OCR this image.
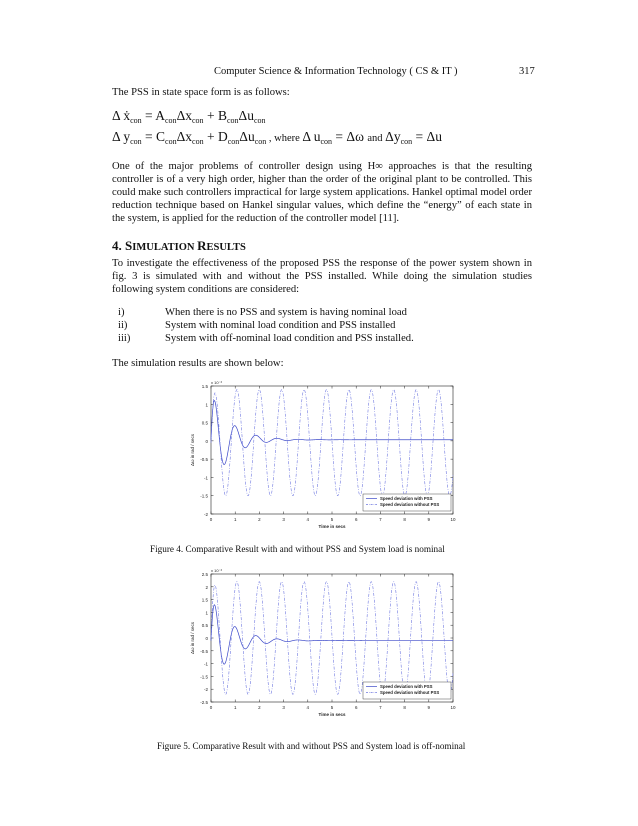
Computer Science & Information Technology ( CS & IT )	317
The PSS in state space form is as follows:
Δ ẋ$_{con}$ = $A_{con}\Delta x_{con} + B_{con}\Delta u_{con}$
Δ $y_{con} = C_{con}\Delta x_{con} + D_{con}\Delta u_{con}$ , where Δ $u_{con} = \Delta\omega$ and $\Delta y_{con} = \Delta u$
One of the major problems of controller design using H∞ approaches is that the resulting controller is of a very high order, higher than the order of the original plant to be controlled. This could make such controllers impractical for large system applications. Hankel optimal model order reduction technique based on Hankel singular values, which define the “energy” of each state in the system, is applied for the reduction of the controller model [11].
4. SIMULATION RESULTS
To investigate the effectiveness of the proposed PSS the response of the power system shown in fig. 3 is simulated with and without the PSS installed. While doing the simulation studies following system conditions are considered:
i)	When there is no PSS and system is having nominal load
ii)	System with nominal load condition and PSS installed
iii)	System with off-nominal load condition and PSS installed.
The simulation results are shown below:
1.5
1
0.5
0
-0.5
-1
-1.5
-2
0	1	2	3	4	5	6	7	8	9	10
x 10⁻³
Time in secs
Δω in rad / secs
Speed deviation with PSS
Speed deviation without PSS
Figure 4. Comparative Result with and without PSS and System load is nominal
2.5
2
1.5
1
0.5
0
-0.5
-1
-1.5
-2
-2.5
0	1	2	3	4	5	6	7	8	9	10
x 10⁻³
Time in secs
Δω in rad / secs
Speed deviation with PSS
Speed deviation without PSS
Figure 5. Comparative Result with and without PSS and System load is off-nominal
